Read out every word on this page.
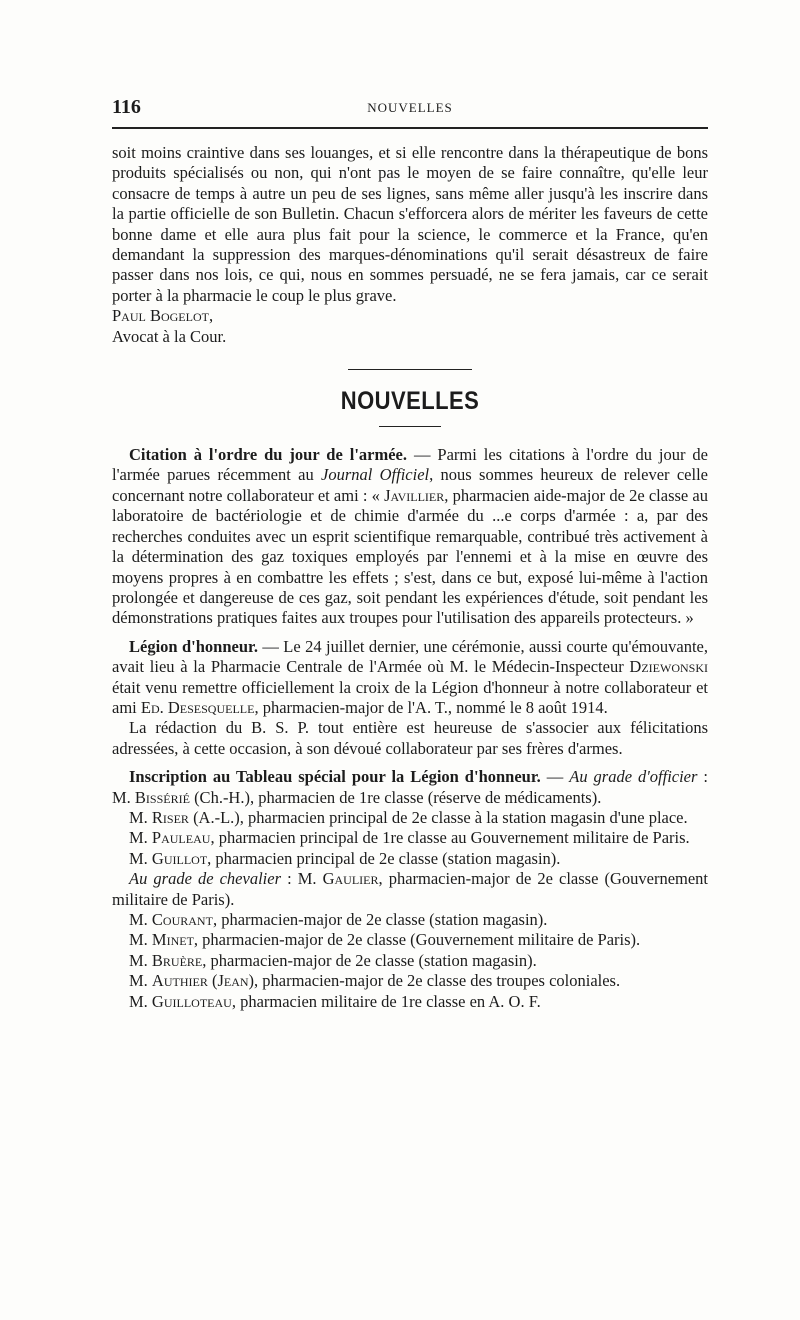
116	NOUVELLES

soit moins craintive dans ses louanges, et si elle rencontre dans la thérapeutique de bons produits spécialisés ou non, qui n'ont pas le moyen de se faire connaître, qu'elle leur consacre de temps à autre un peu de ses lignes, sans même aller jusqu'à les inscrire dans la partie officielle de son Bulletin. Chacun s'efforcera alors de mériter les faveurs de cette bonne dame et elle aura plus fait pour la science, le commerce et la France, qu'en demandant la suppression des marques-dénominations qu'il serait désastreux de faire passer dans nos lois, ce qui, nous en sommes persuadé, ne se fera jamais, car ce serait porter à la pharmacie le coup le plus grave.

Paul Bogelot,

Avocat à la Cour.

NOUVELLES

Citation à l'ordre du jour de l'armée. — Parmi les citations à l'ordre du jour de l'armée parues récemment au Journal Officiel, nous sommes heureux de relever celle concernant notre collaborateur et ami : « Javillier, pharmacien aide-major de 2e classe au laboratoire de bactériologie et de chimie d'armée du ...e corps d'armée : a, par des recherches conduites avec un esprit scientifique remarquable, contribué très activement à la détermination des gaz toxiques employés par l'ennemi et à la mise en œuvre des moyens propres à en combattre les effets ; s'est, dans ce but, exposé lui-même à l'action prolongée et dangereuse de ces gaz, soit pendant les expériences d'étude, soit pendant les démonstrations pratiques faites aux troupes pour l'utilisation des appareils protecteurs. »

Légion d'honneur. — Le 24 juillet dernier, une cérémonie, aussi courte qu'émouvante, avait lieu à la Pharmacie Centrale de l'Armée où M. le Médecin-Inspecteur Dziewonski était venu remettre officiellement la croix de la Légion d'honneur à notre collaborateur et ami Ed. Desesquelle, pharmacien-major de l'A. T., nommé le 8 août 1914.

La rédaction du B. S. P. tout entière est heureuse de s'associer aux félicitations adressées, à cette occasion, à son dévoué collaborateur par ses frères d'armes.

Inscription au Tableau spécial pour la Légion d'honneur. — Au grade d'officier : M. Bissérié (Ch.-H.), pharmacien de 1re classe (réserve de médicaments).

M. Riser (A.-L.), pharmacien principal de 2e classe à la station magasin d'une place.

M. Pauleau, pharmacien principal de 1re classe au Gouvernement militaire de Paris.

M. Guillot, pharmacien principal de 2e classe (station magasin).

Au grade de chevalier : M. Gaulier, pharmacien-major de 2e classe (Gouvernement militaire de Paris).

M. Courant, pharmacien-major de 2e classe (station magasin).

M. Minet, pharmacien-major de 2e classe (Gouvernement militaire de Paris).

M. Bruère, pharmacien-major de 2e classe (station magasin).

M. Authier (Jean), pharmacien-major de 2e classe des troupes coloniales.

M. Guilloteau, pharmacien militaire de 1re classe en A. O. F.
